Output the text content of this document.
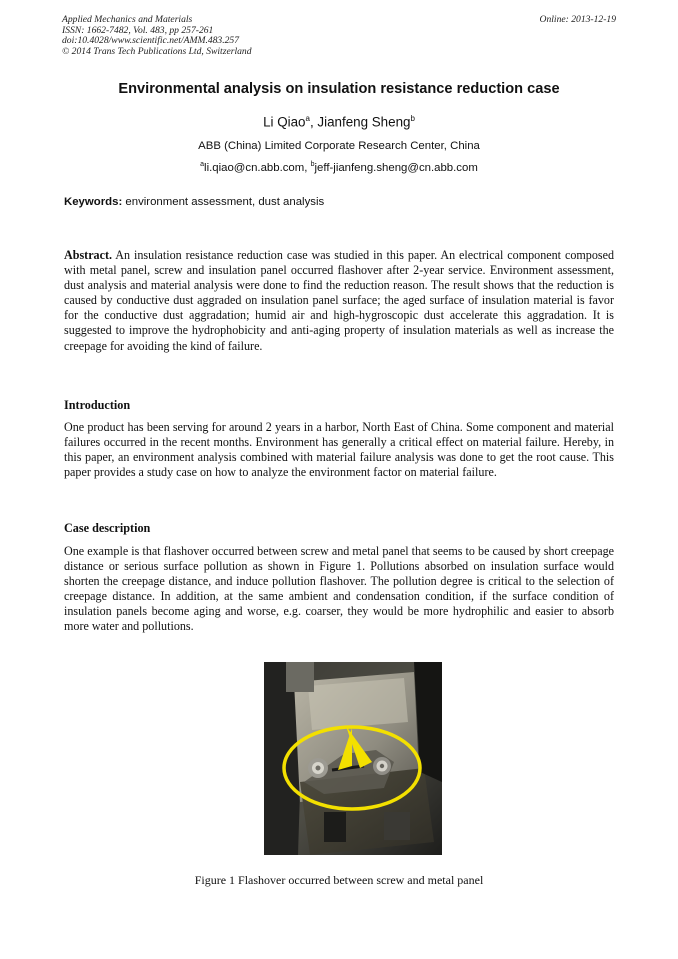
Applied Mechanics and Materials
ISSN: 1662-7482, Vol. 483, pp 257-261
doi:10.4028/www.scientific.net/AMM.483.257
© 2014 Trans Tech Publications Ltd, Switzerland
Online: 2013-12-19
Environmental analysis on insulation resistance reduction case
Li Qiao$^a$, Jianfeng Sheng$^b$
ABB (China) Limited Corporate Research Center, China
$^a$li.qiao@cn.abb.com, $^b$jeff-jianfeng.sheng@cn.abb.com
Keywords: environment assessment, dust analysis
Abstract. An insulation resistance reduction case was studied in this paper. An electrical component composed with metal panel, screw and insulation panel occurred flashover after 2-year service. Environment assessment, dust analysis and material analysis were done to find the reduction reason. The result shows that the reduction is caused by conductive dust aggraded on insulation panel surface; the aged surface of insulation material is favor for the conductive dust aggradation; humid air and high-hygroscopic dust accelerate this aggradation. It is suggested to improve the hydrophobicity and anti-aging property of insulation materials as well as increase the creepage for avoiding the kind of failure.
Introduction
One product has been serving for around 2 years in a harbor, North East of China. Some component and material failures occurred in the recent months. Environment has generally a critical effect on material failure. Hereby, in this paper, an environment analysis combined with material failure analysis was done to get the root cause. This paper provides a study case on how to analyze the environment factor on material failure.
Case description
One example is that flashover occurred between screw and metal panel that seems to be caused by short creepage distance or serious surface pollution as shown in Figure 1. Pollutions absorbed on insulation surface would shorten the creepage distance, and induce pollution flashover. The pollution degree is critical to the selection of creepage distance. In addition, at the same ambient and condensation condition, if the surface condition of insulation panels become aging and worse, e.g. coarser, they would be more hydrophilic and easier to absorb more water and pollutions.
Figure 1 Flashover occurred between screw and metal panel
